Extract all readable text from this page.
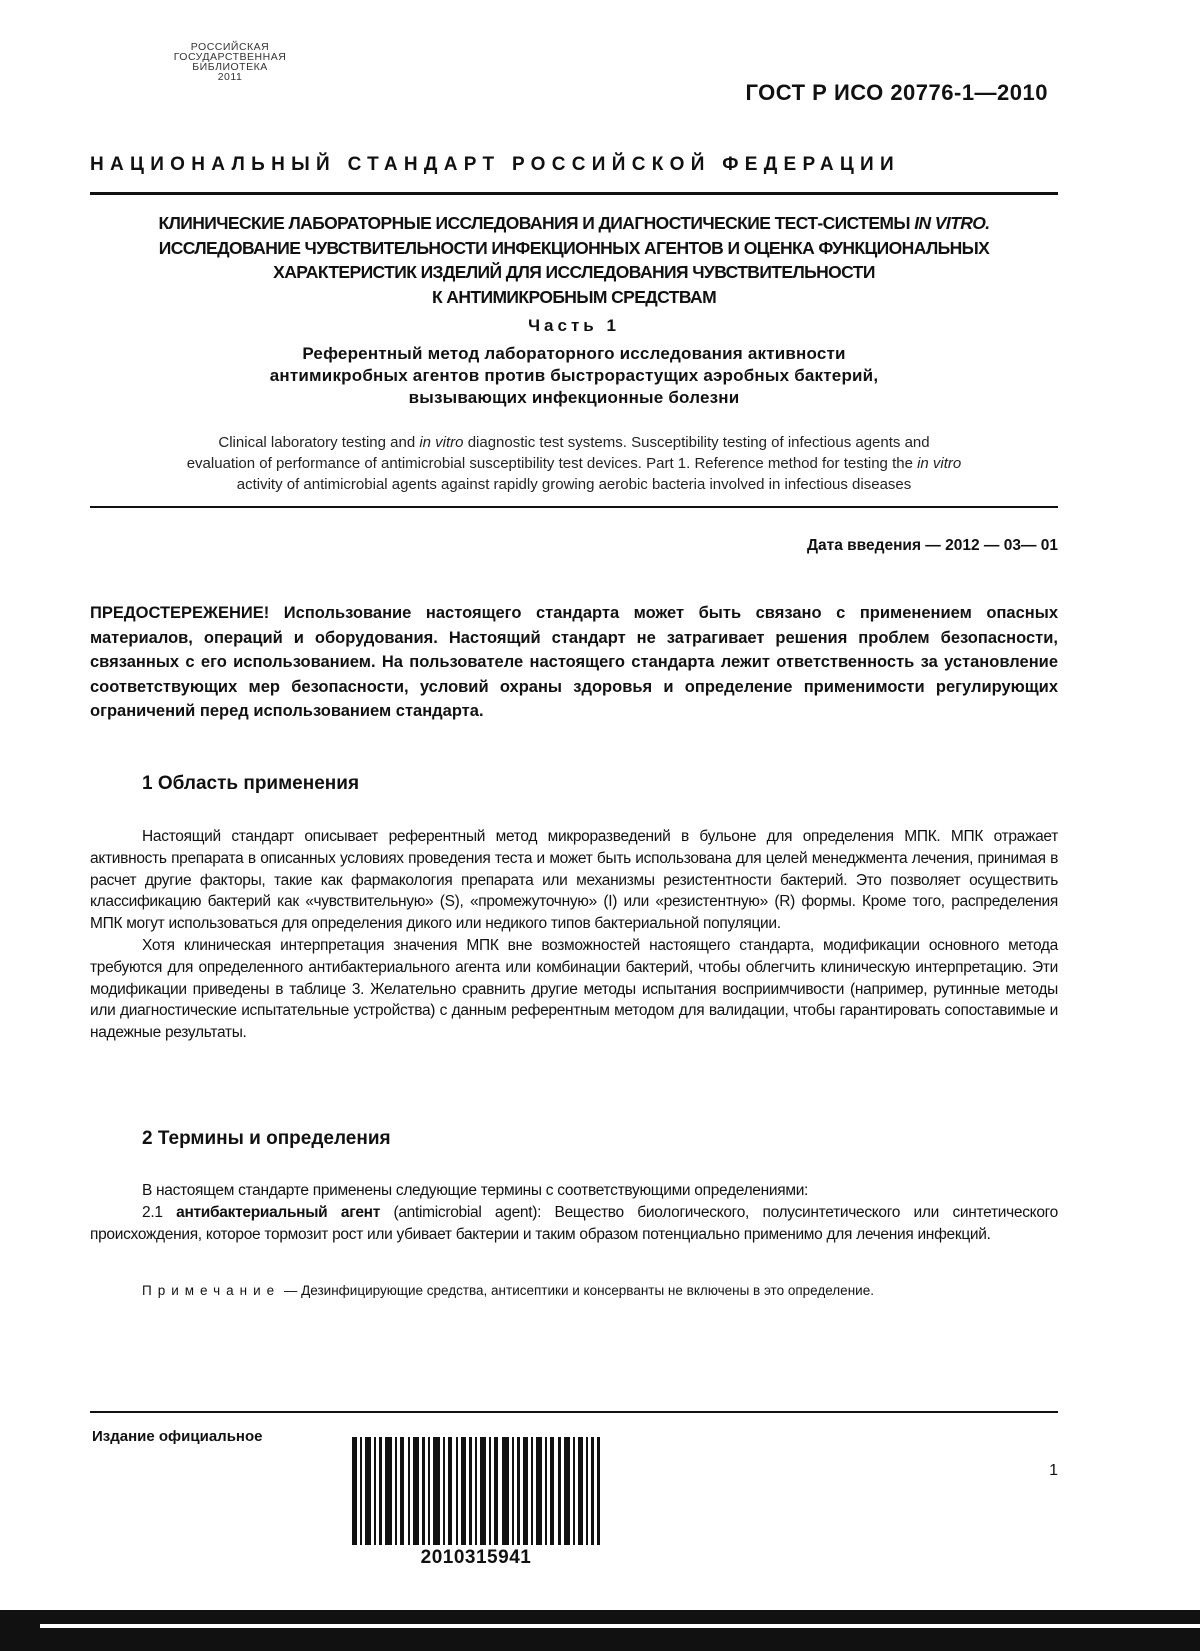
РОССИЙСКАЯ
ГОСУДАРСТВЕННАЯ
БИБЛИОТЕКА
2011
ГОСТ Р ИСО 20776-1—2010
НАЦИОНАЛЬНЫЙ СТАНДАРТ РОССИЙСКОЙ ФЕДЕРАЦИИ
КЛИНИЧЕСКИЕ ЛАБОРАТОРНЫЕ ИССЛЕДОВАНИЯ И ДИАГНОСТИЧЕСКИЕ ТЕСТ-СИСТЕМЫ IN VITRO.
ИССЛЕДОВАНИЕ ЧУВСТВИТЕЛЬНОСТИ ИНФЕКЦИОННЫХ АГЕНТОВ И ОЦЕНКА ФУНКЦИОНАЛЬНЫХ
ХАРАКТЕРИСТИК ИЗДЕЛИЙ ДЛЯ ИССЛЕДОВАНИЯ ЧУВСТВИТЕЛЬНОСТИ
К АНТИМИКРОБНЫМ СРЕДСТВАМ
Часть 1
Референтный метод лабораторного исследования активности
антимикробных агентов против быстрорастущих аэробных бактерий,
вызывающих инфекционные болезни
Clinical laboratory testing and in vitro diagnostic test systems. Susceptibility testing of infectious agents and
evaluation of performance of antimicrobial susceptibility test devices. Part 1. Reference method for testing the in vitro
activity of antimicrobial agents against rapidly growing aerobic bacteria involved in infectious diseases
Дата введения — 2012 — 03— 01
ПРЕДОСТЕРЕЖЕНИЕ! Использование настоящего стандарта может быть связано с применением опасных материалов, операций и оборудования. Настоящий стандарт не затрагивает решения проблем безопасности, связанных с его использованием. На пользователе настоящего стандарта лежит ответственность за установление соответствующих мер безопасности, условий охраны здоровья и определение применимости регулирующих ограничений перед использованием стандарта.
1 Область применения

Настоящий стандарт описывает референтный метод микроразведений в бульоне для определения МПК. МПК отражает активность препарата в описанных условиях проведения теста и может быть использована для целей менеджмента лечения, принимая в расчет другие факторы, такие как фармакология препарата или механизмы резистентности бактерий. Это позволяет осуществить классификацию бактерий как «чувствительную» (S), «промежуточную» (I) или «резистентную» (R) формы. Кроме того, распределения МПК могут использоваться для определения дикого или недикого типов бактериальной популяции.

Хотя клиническая интерпретация значения МПК вне возможностей настоящего стандарта, модификации основного метода требуются для определенного антибактериального агента или комбинации бактерий, чтобы облегчить клиническую интерпретацию. Эти модификации приведены в таблице 3. Желательно сравнить другие методы испытания восприимчивости (например, рутинные методы или диагностические испытательные устройства) с данным референтным методом для валидации, чтобы гарантировать сопоставимые и надежные результаты.

2 Термины и определения

В настоящем стандарте применены следующие термины с соответствующими определениями:

2.1 антибактериальный агент (antimicrobial agent): Вещество биологического, полусинтетического или синтетического происхождения, которое тормозит рост или убивает бактерии и таким образом потенциально применимо для лечения инфекций.

Примечание — Дезинфицирующие средства, антисептики и консерванты не включены в это определение.
Издание официальное
1
2010315941
